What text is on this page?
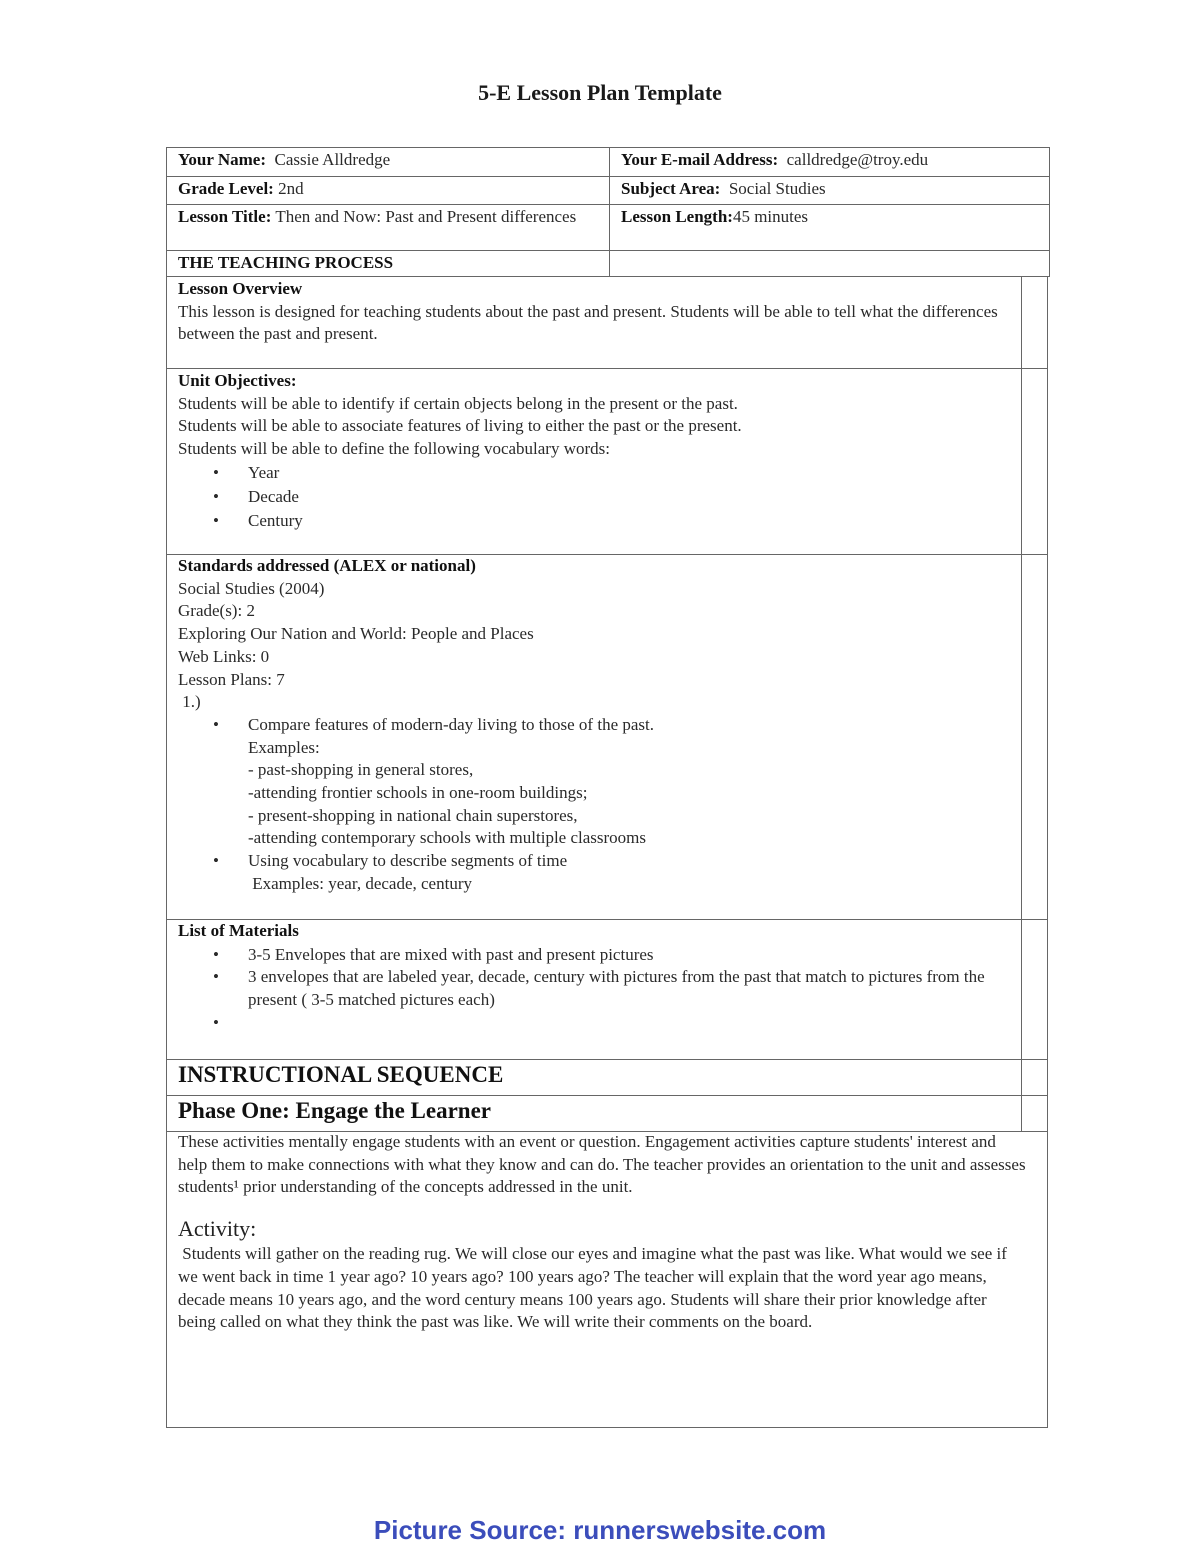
5-E Lesson Plan Template
Your Name: Cassie Alldredge	Your E-mail Address: calldredge@troy.edu
Grade Level: 2nd	Subject Area: Social Studies
Lesson Title: Then and Now: Past and Present differences	Lesson Length:45 minutes
THE TEACHING PROCESS	
Lesson Overview
This lesson is designed for teaching students about the past and present. Students will be able to tell what the differences between the past and present.
Unit Objectives:
Students will be able to identify if certain objects belong in the present or the past.
Students will be able to associate features of living to either the past or the present.
Students will be able to define the following vocabulary words:
• Year
• Decade
• Century
Standards addressed (ALEX or national)
Social Studies (2004)
Grade(s): 2
Exploring Our Nation and World: People and Places
Web Links: 0
Lesson Plans: 7
1.)
• Compare features of modern-day living to those of the past.
Examples:
- past-shopping in general stores,
-attending frontier schools in one-room buildings;
- present-shopping in national chain superstores,
-attending contemporary schools with multiple classrooms
• Using vocabulary to describe segments of time
Examples: year, decade, century
List of Materials
• 3-5 Envelopes that are mixed with past and present pictures
• 3 envelopes that are labeled year, decade, century with pictures from the past that match to pictures from the present ( 3-5 matched pictures each)
•
INSTRUCTIONAL SEQUENCE
Phase One: Engage the Learner
These activities mentally engage students with an event or question. Engagement activities capture students' interest and help them to make connections with what they know and can do. The teacher provides an orientation to the unit and assesses students¹ prior understanding of the concepts addressed in the unit.
Activity:
Students will gather on the reading rug. We will close our eyes and imagine what the past was like. What would we see if we went back in time 1 year ago? 10 years ago? 100 years ago? The teacher will explain that the word year ago means, decade means 10 years ago, and the word century means 100 years ago. Students will share their prior knowledge after being called on what they think the past was like. We will write their comments on the board.
Picture Source: runnerswebsite.com
